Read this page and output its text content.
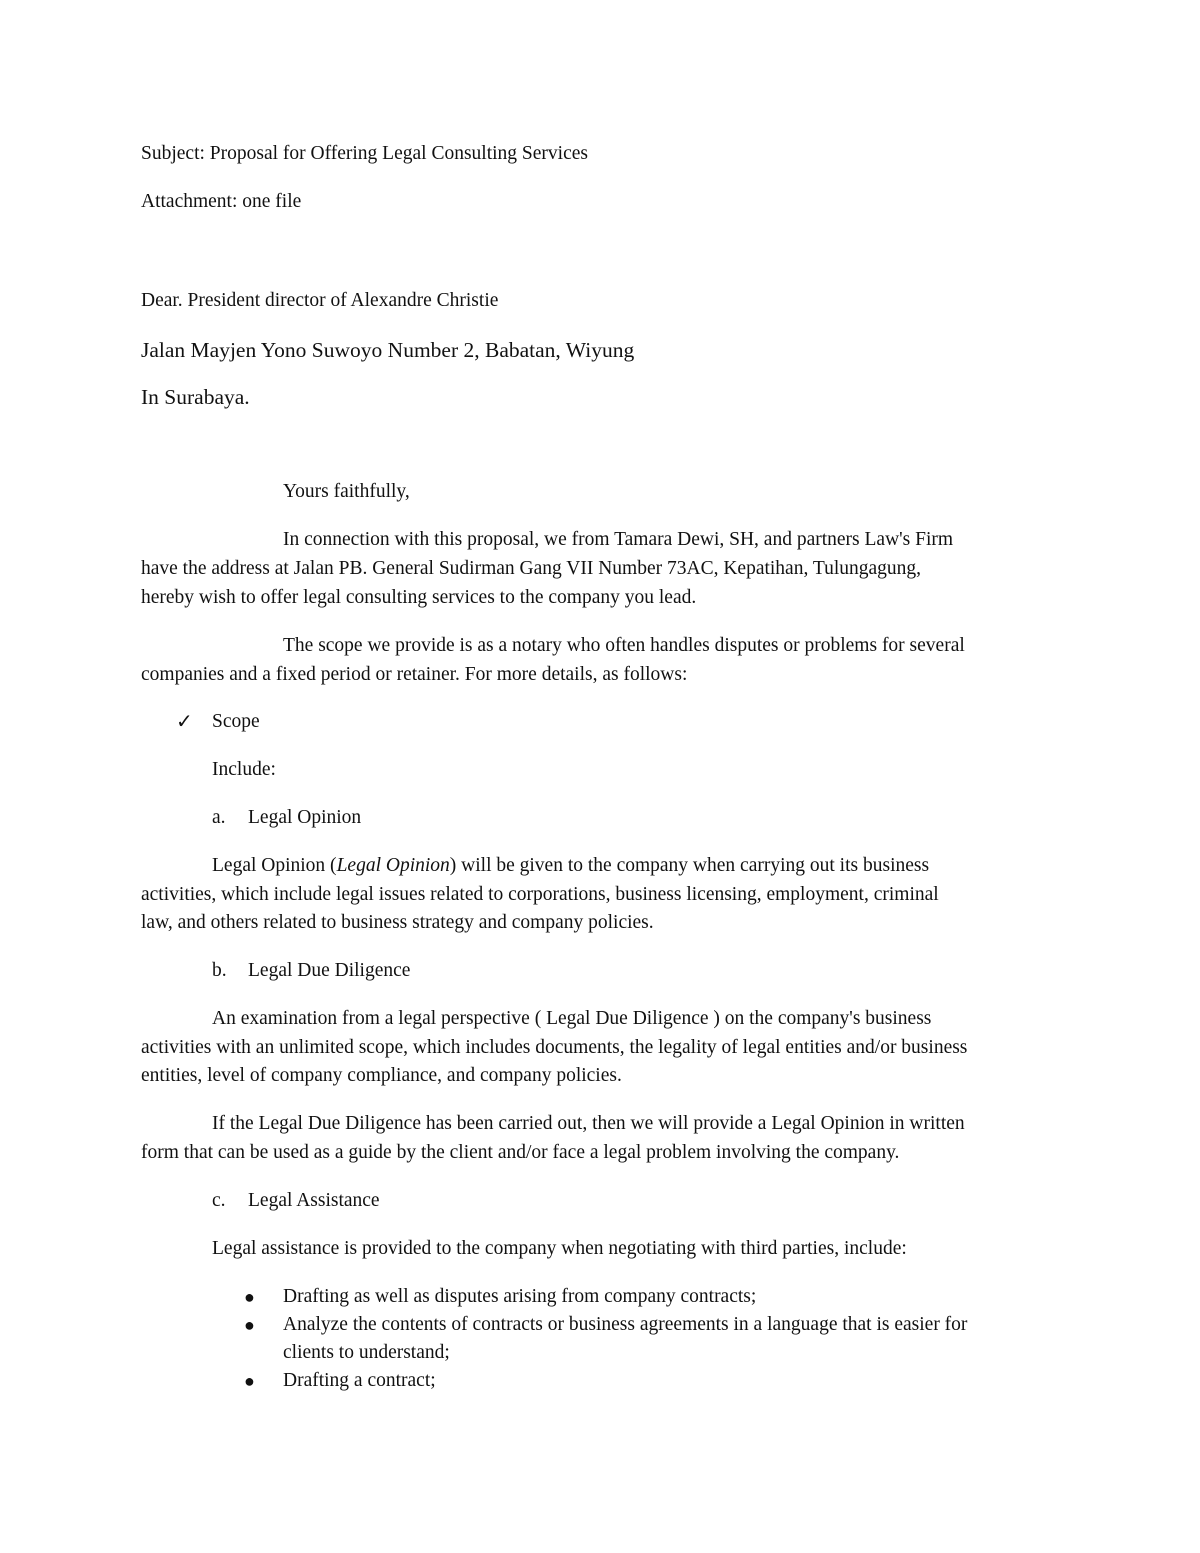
Subject: Proposal for Offering Legal Consulting Services
Attachment: one file
Dear. President director of Alexandre Christie
Jalan Mayjen Yono Suwoyo Number 2, Babatan, Wiyung
In Surabaya.
Yours faithfully,
In connection with this proposal, we from Tamara Dewi, SH, and partners Law's Firm
have the address at Jalan PB. General Sudirman Gang VII Number 73AC, Kepatihan, Tulungagung,
hereby wish to offer legal consulting services to the company you lead.
The scope we provide is as a notary who often handles disputes or problems for several
companies and a fixed period or retainer. For more details, as follows:
✓ Scope
Include:
a. Legal Opinion
Legal Opinion (Legal Opinion) will be given to the company when carrying out its business
activities, which include legal issues related to corporations, business licensing, employment, criminal
law, and others related to business strategy and company policies.
b. Legal Due Diligence
An examination from a legal perspective ( Legal Due Diligence ) on the company's business
activities with an unlimited scope, which includes documents, the legality of legal entities and/or business
entities, level of company compliance, and company policies.
If the Legal Due Diligence has been carried out, then we will provide a Legal Opinion in written
form that can be used as a guide by the client and/or face a legal problem involving the company.
c. Legal Assistance
Legal assistance is provided to the company when negotiating with third parties, include:
● Drafting as well as disputes arising from company contracts;
● Analyze the contents of contracts or business agreements in a language that is easier for
clients to understand;
● Drafting a contract;
